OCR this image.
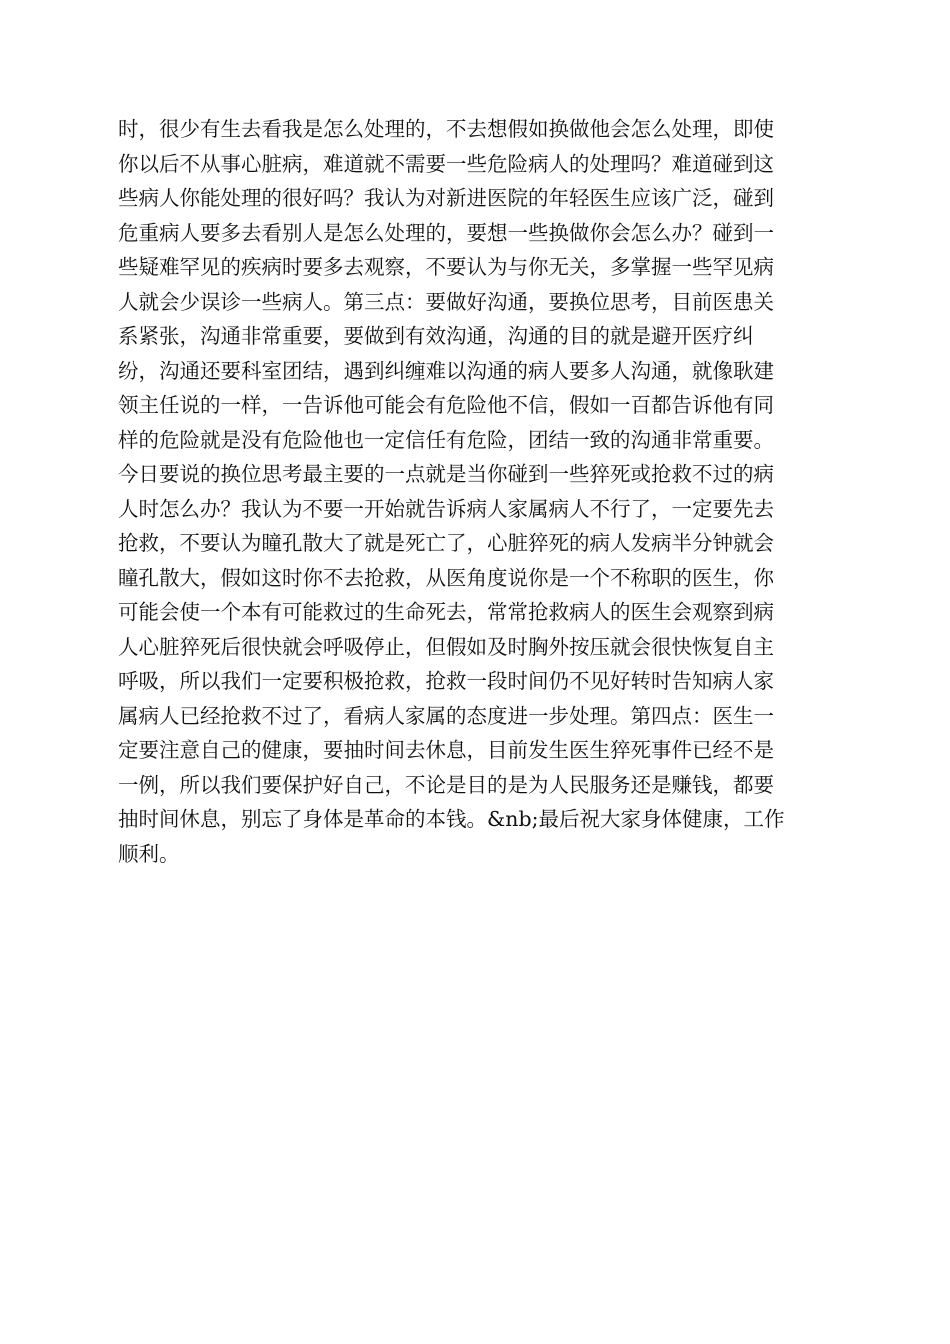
时，很少有生去看我是怎么处理的，不去想假如换做他会怎么处理，即使
你以后不从事心脏病，难道就不需要一些危险病人的处理吗？难道碰到这
些病人你能处理的很好吗？我认为对新进医院的年轻医生应该广泛，碰到
危重病人要多去看别人是怎么处理的，要想一些换做你会怎么办？碰到一
些疑难罕见的疾病时要多去观察，不要认为与你无关，多掌握一些罕见病
人就会少误诊一些病人。第三点：要做好沟通，要换位思考，目前医患关
系紧张，沟通非常重要，要做到有效沟通，沟通的目的就是避开医疗纠
纷，沟通还要科室团结，遇到纠缠难以沟通的病人要多人沟通，就像耿建
领主任说的一样，一告诉他可能会有危险他不信，假如一百都告诉他有同
样的危险就是没有危险他也一定信任有危险，团结一致的沟通非常重要。
今日要说的换位思考最主要的一点就是当你碰到一些猝死或抢救不过的病
人时怎么办？我认为不要一开始就告诉病人家属病人不行了，一定要先去
抢救，不要认为瞳孔散大了就是死亡了，心脏猝死的病人发病半分钟就会
瞳孔散大，假如这时你不去抢救，从医角度说你是一个不称职的医生，你
可能会使一个本有可能救过的生命死去，常常抢救病人的医生会观察到病
人心脏猝死后很快就会呼吸停止，但假如及时胸外按压就会很快恢复自主
呼吸，所以我们一定要积极抢救，抢救一段时间仍不见好转时告知病人家
属病人已经抢救不过了，看病人家属的态度进一步处理。第四点：医生一
定要注意自己的健康，要抽时间去休息，目前发生医生猝死事件已经不是
一例，所以我们要保护好自己，不论是目的是为人民服务还是赚钱，都要
抽时间休息，别忘了身体是革命的本钱。&nb;最后祝大家身体健康，工作
顺利。
